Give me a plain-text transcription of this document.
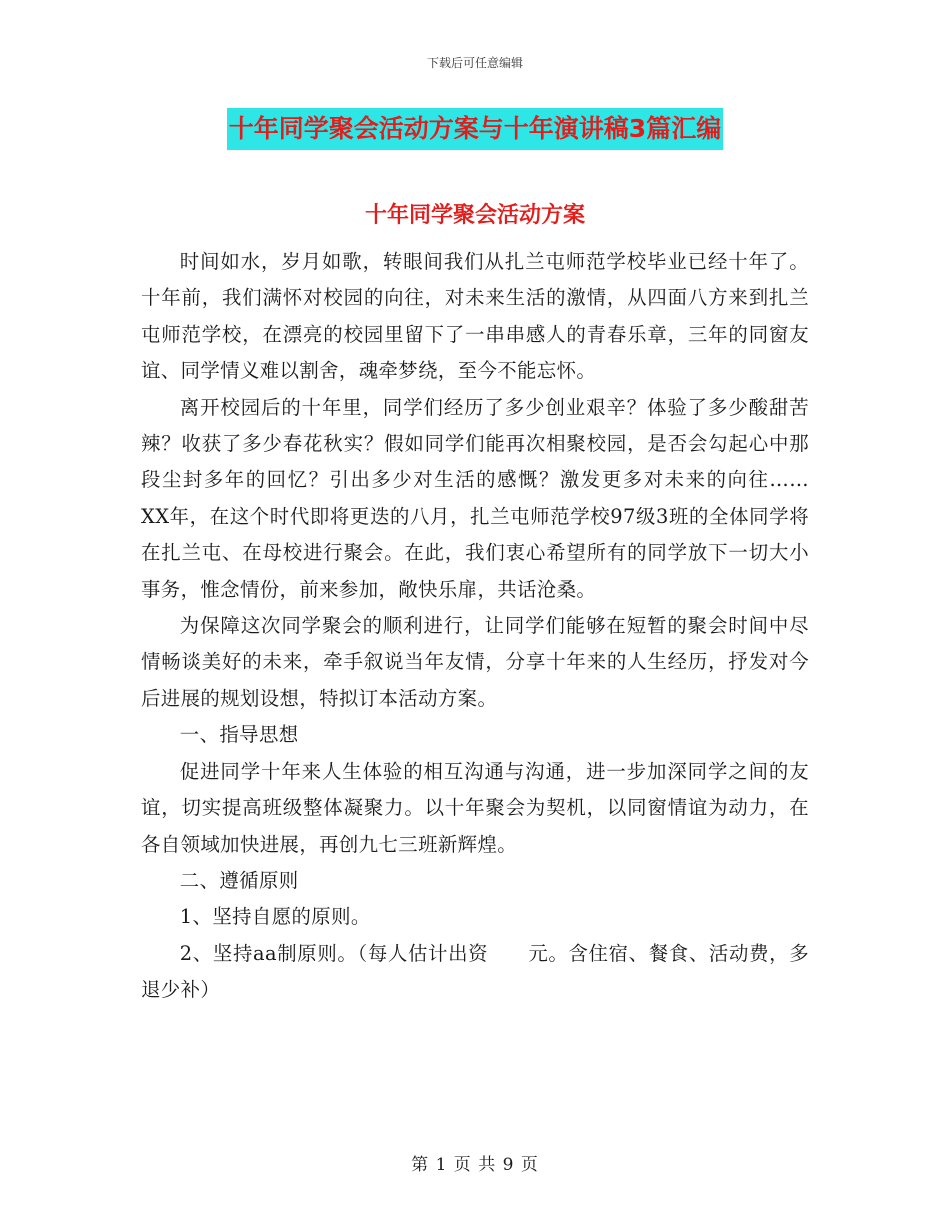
下载后可任意编辑
十年同学聚会活动方案与十年演讲稿3篇汇编
十年同学聚会活动方案

时间如水，岁月如歌，转眼间我们从扎兰屯师范学校毕业已经十年了。十年前，我们满怀对校园的向往，对未来生活的激情，从四面八方来到扎兰屯师范学校，在漂亮的校园里留下了一串串感人的青春乐章，三年的同窗友谊、同学情义难以割舍，魂牵梦绕，至今不能忘怀。

离开校园后的十年里，同学们经历了多少创业艰辛？体验了多少酸甜苦辣？收获了多少春花秋实？假如同学们能再次相聚校园，是否会勾起心中那段尘封多年的回忆？引出多少对生活的感慨？激发更多对未来的向往……　XX年，在这个时代即将更迭的八月，扎兰屯师范学校97级3班的全体同学将在扎兰屯、在母校进行聚会。在此，我们衷心希望所有的同学放下一切大小事务，惟念情份，前来参加，敞快乐扉，共话沧桑。

为保障这次同学聚会的顺利进行，让同学们能够在短暂的聚会时间中尽情畅谈美好的未来，牵手叙说当年友情，分享十年来的人生经历，抒发对今后进展的规划设想，特拟订本活动方案。

一、指导思想

促进同学十年来人生体验的相互沟通与沟通，进一步加深同学之间的友谊，切实提高班级整体凝聚力。以十年聚会为契机，以同窗情谊为动力，在各自领域加快进展，再创九七三班新辉煌。

二、遵循原则

1、坚持自愿的原则。

2、坚持aa制原则。（每人估计出资　　元。含住宿、餐食、活动费，多退少补）

第 1 页 共 9 页
